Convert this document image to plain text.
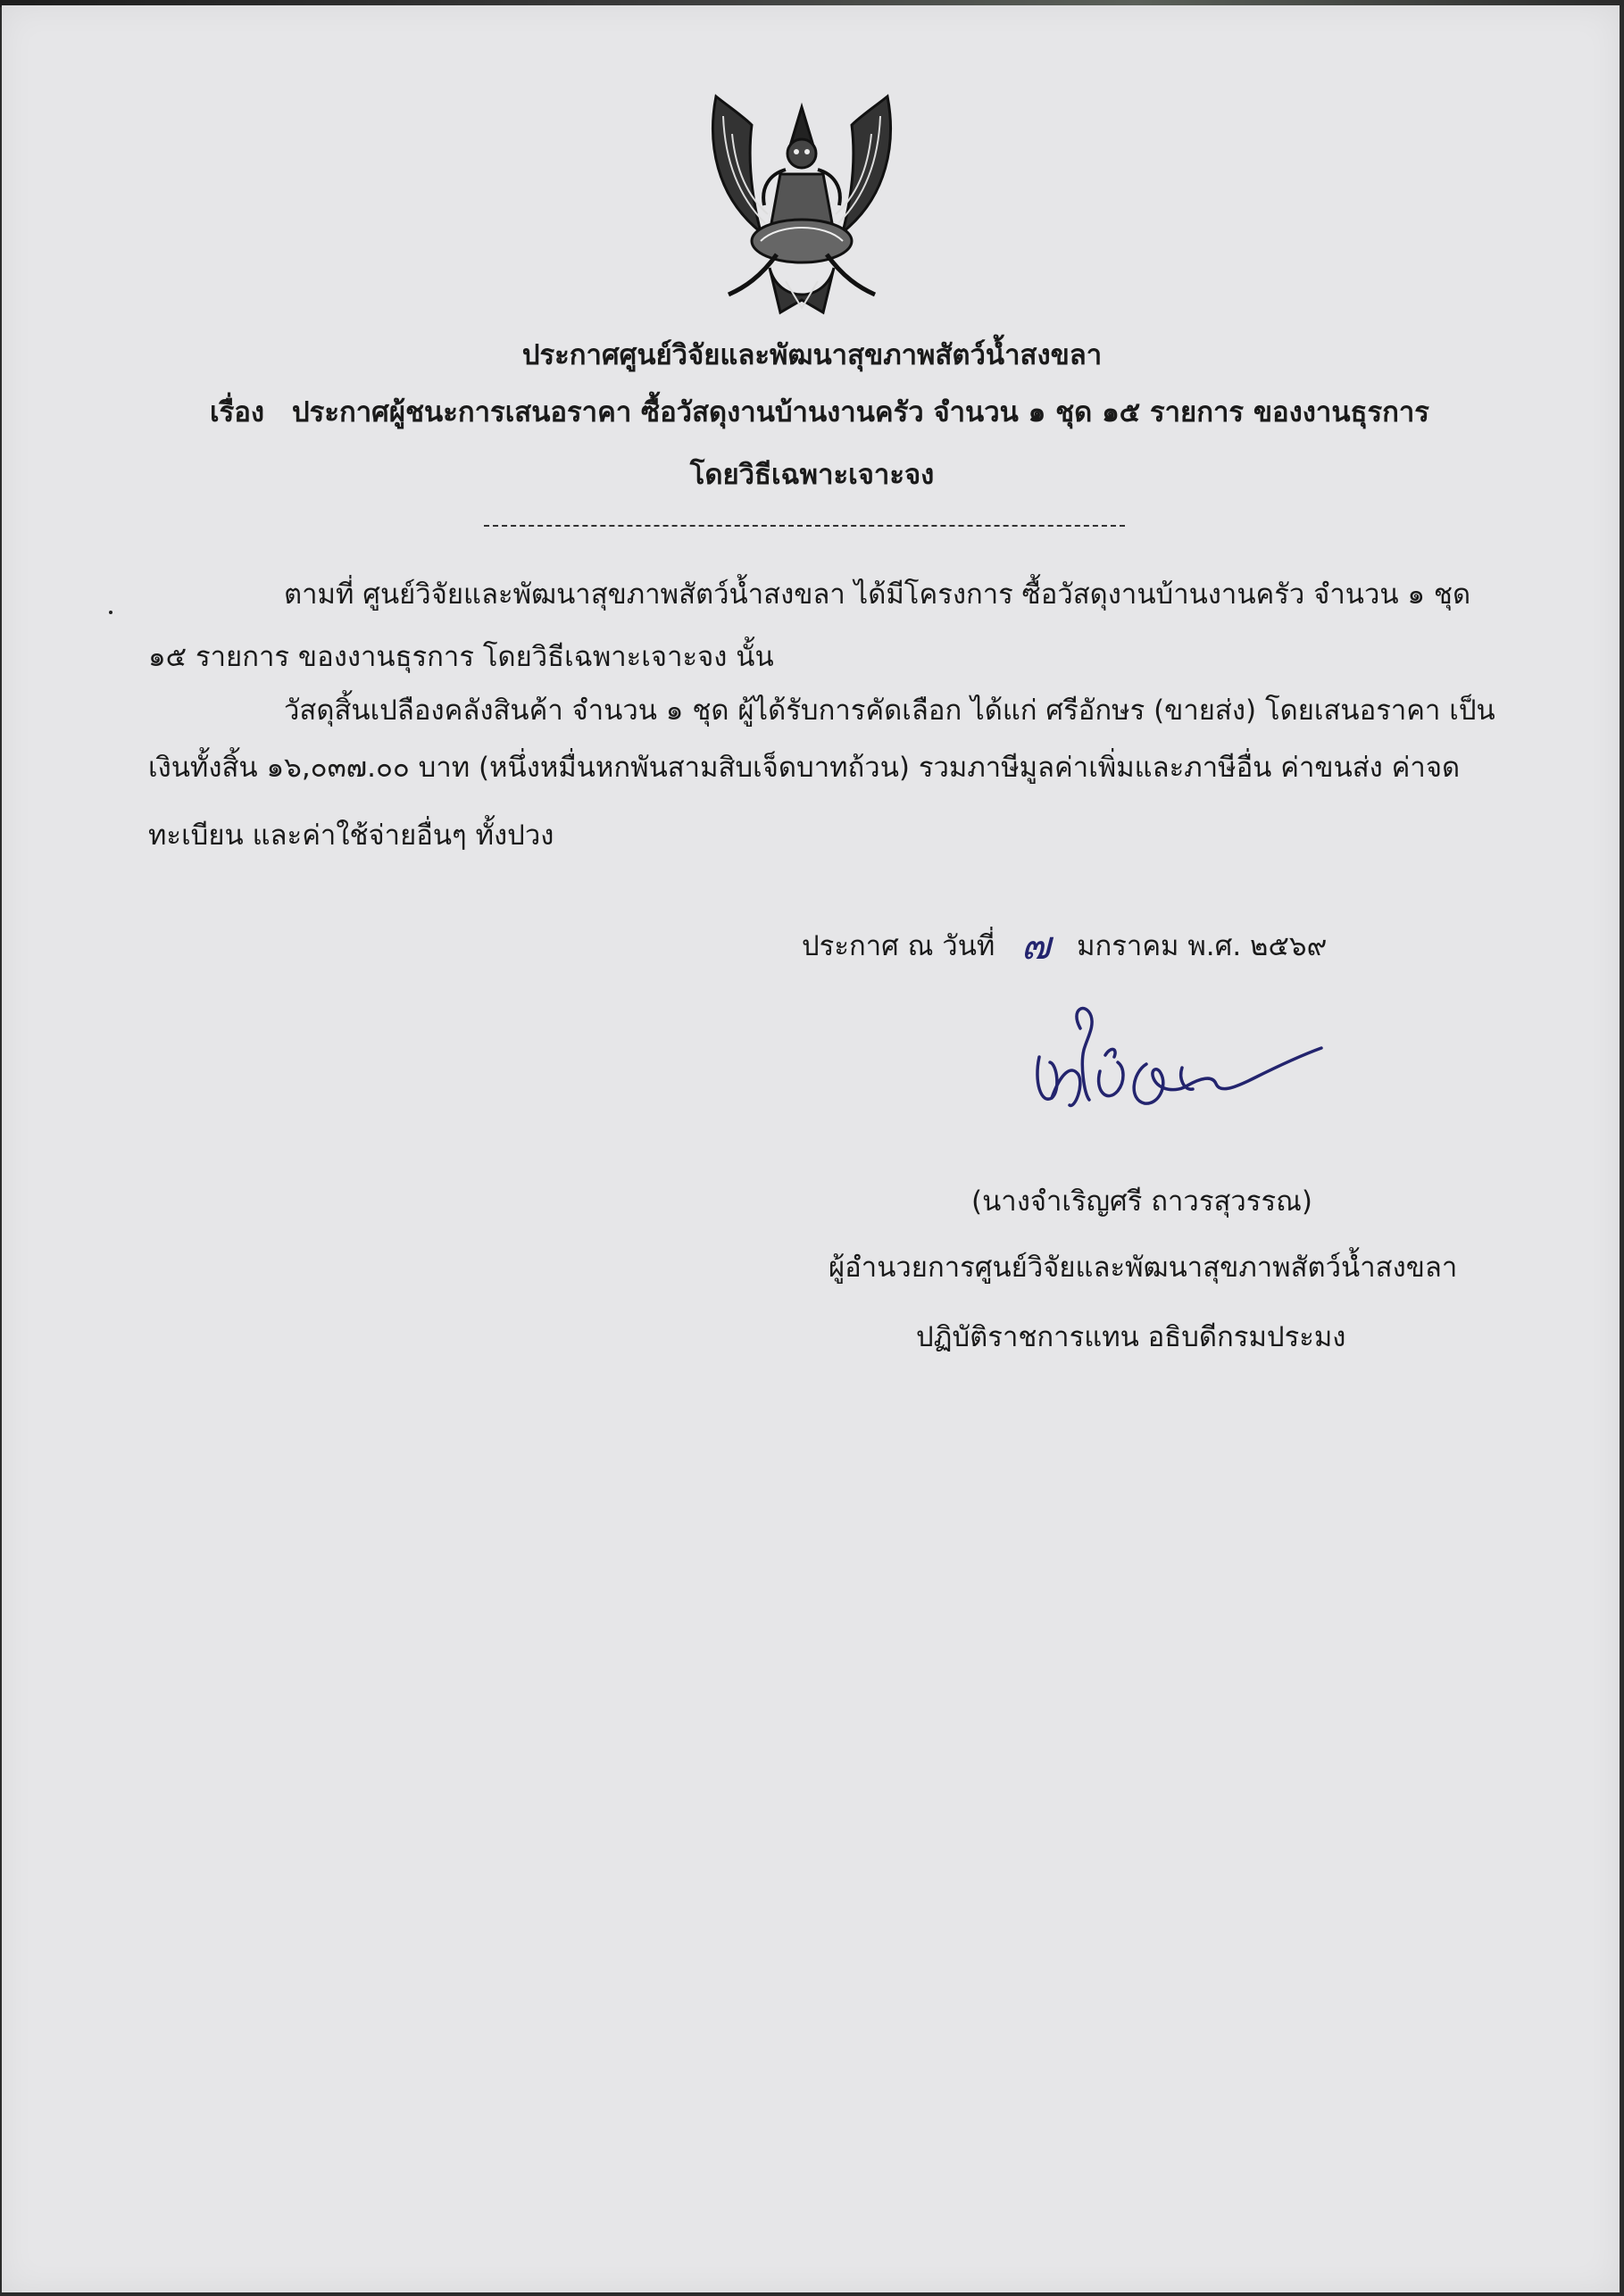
ประกาศศูนย์วิจัยและพัฒนาสุขภาพสัตว์น้ำสงขลา
เรื่อง ประกาศผู้ชนะการเสนอราคา ซื้อวัสดุงานบ้านงานครัว จำนวน ๑ ชุด ๑๕ รายการ ของงานธุรการ
โดยวิธีเฉพาะเจาะจง
ตามที่ ศูนย์วิจัยและพัฒนาสุขภาพสัตว์น้ำสงขลา ได้มีโครงการ ซื้อวัสดุงานบ้านงานครัว จำนวน ๑ ชุด
๑๕ รายการ ของงานธุรการ โดยวิธีเฉพาะเจาะจง นั้น
วัสดุสิ้นเปลืองคลังสินค้า จำนวน ๑ ชุด ผู้ได้รับการคัดเลือก ได้แก่ ศรีอักษร (ขายส่ง) โดยเสนอราคา เป็น
เงินทั้งสิ้น ๑๖,๐๓๗.๐๐ บาท (หนึ่งหมื่นหกพันสามสิบเจ็ดบาทถ้วน) รวมภาษีมูลค่าเพิ่มและภาษีอื่น ค่าขนส่ง ค่าจด
ทะเบียน และค่าใช้จ่ายอื่นๆ ทั้งปวง
ประกาศ ณ วันที่ ๗ มกราคม พ.ศ. ๒๕๖๙
(นางจำเริญศรี ถาวรสุวรรณ)
ผู้อำนวยการศูนย์วิจัยและพัฒนาสุขภาพสัตว์น้ำสงขลา
ปฏิบัติราชการแทน อธิบดีกรมประมง
